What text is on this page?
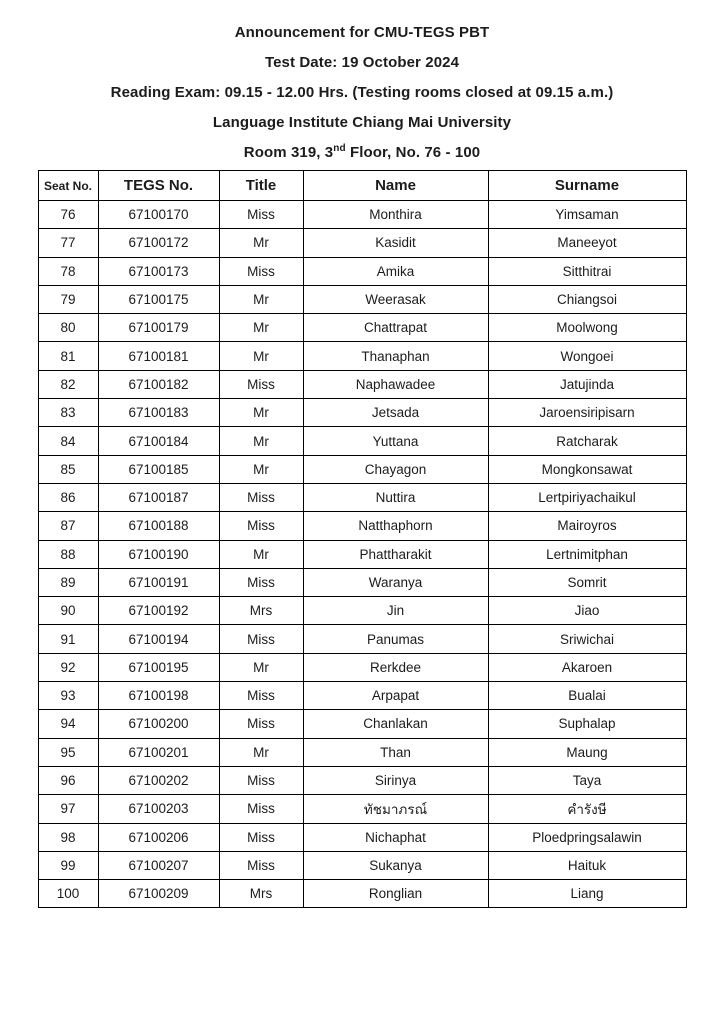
Announcement for CMU-TEGS PBT
Test Date: 19 October 2024
Reading Exam: 09.15 - 12.00 Hrs. (Testing rooms closed at 09.15 a.m.)
Language Institute Chiang Mai University
Room 319, 3nd Floor, No. 76 - 100
Seat No.	TEGS No.	Title	Name	Surname
76	67100170	Miss	Monthira	Yimsaman
77	67100172	Mr	Kasidit	Maneeyot
78	67100173	Miss	Amika	Sitthitrai
79	67100175	Mr	Weerasak	Chiangsoi
80	67100179	Mr	Chattrapat	Moolwong
81	67100181	Mr	Thanaphan	Wongoei
82	67100182	Miss	Naphawadee	Jatujinda
83	67100183	Mr	Jetsada	Jaroensiripisarn
84	67100184	Mr	Yuttana	Ratcharak
85	67100185	Mr	Chayagon	Mongkonsawat
86	67100187	Miss	Nuttira	Lertpiriyachaikul
87	67100188	Miss	Natthaphorn	Mairoyros
88	67100190	Mr	Phattharakit	Lertnimitphan
89	67100191	Miss	Waranya	Somrit
90	67100192	Mrs	Jin	Jiao
91	67100194	Miss	Panumas	Sriwichai
92	67100195	Mr	Rerkdee	Akaroen
93	67100198	Miss	Arpapat	Bualai
94	67100200	Miss	Chanlakan	Suphalap
95	67100201	Mr	Than	Maung
96	67100202	Miss	Sirinya	Taya
97	67100203	Miss	ทัชมาภรณ์	คำรังษี
98	67100206	Miss	Nichaphat	Ploedpringsalawin
99	67100207	Miss	Sukanya	Haituk
100	67100209	Mrs	Ronglian	Liang
